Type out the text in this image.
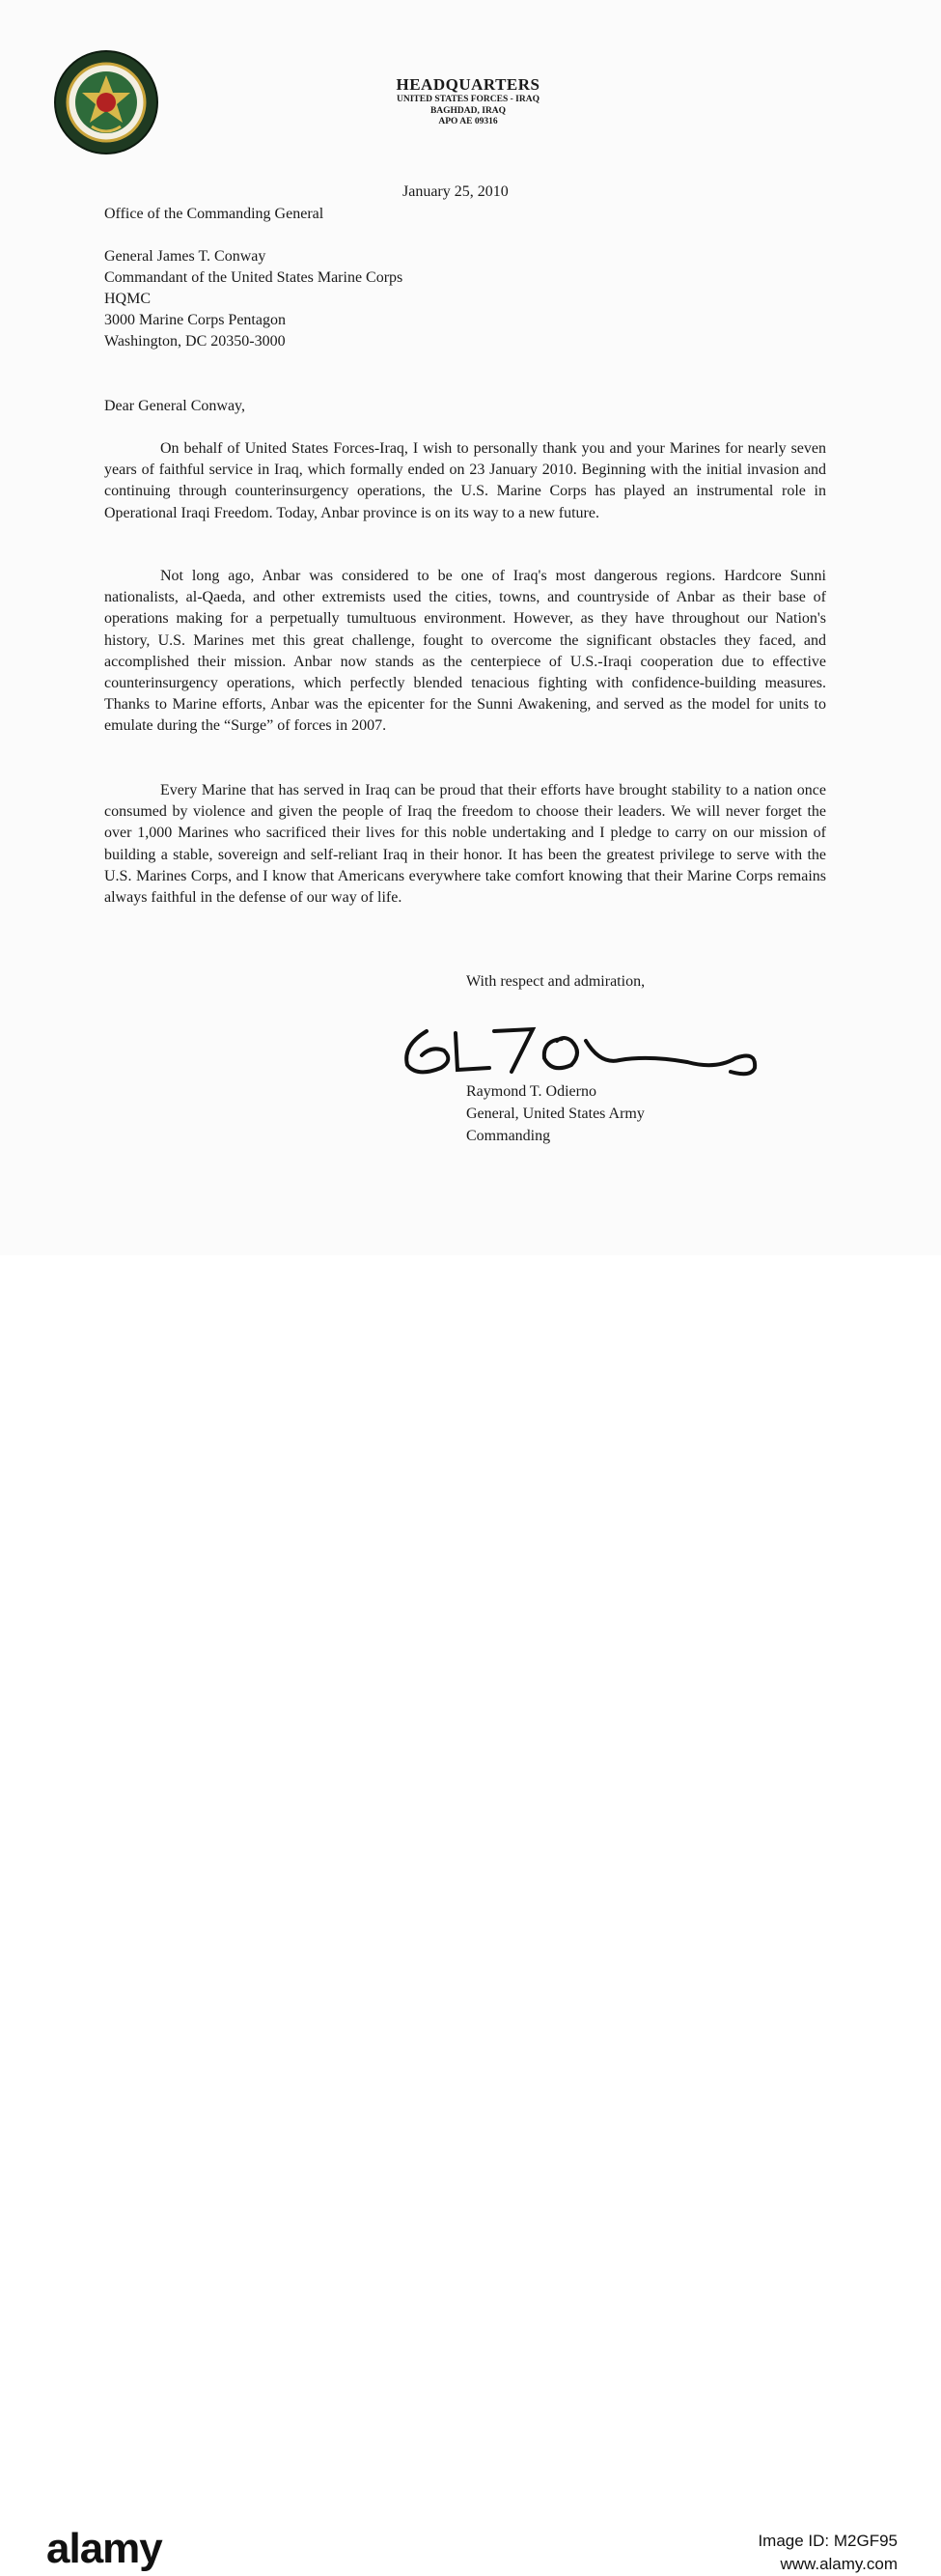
HEADQUARTERS
UNITED STATES FORCES - IRAQ
BAGHDAD, IRAQ
APO AE 09316
January 25, 2010
Office of the Commanding General
General James T. Conway
Commandant of the United States Marine Corps
HQMC
3000 Marine Corps Pentagon
Washington, DC 20350-3000
Dear General Conway,
On behalf of United States Forces-Iraq, I wish to personally thank you and your Marines for nearly seven years of faithful service in Iraq, which formally ended on 23 January 2010. Beginning with the initial invasion and continuing through counterinsurgency operations, the U.S. Marine Corps has played an instrumental role in Operational Iraqi Freedom. Today, Anbar province is on its way to a new future.
Not long ago, Anbar was considered to be one of Iraq's most dangerous regions. Hardcore Sunni nationalists, al-Qaeda, and other extremists used the cities, towns, and countryside of Anbar as their base of operations making for a perpetually tumultuous environment. However, as they have throughout our Nation's history, U.S. Marines met this great challenge, fought to overcome the significant obstacles they faced, and accomplished their mission. Anbar now stands as the centerpiece of U.S.-Iraqi cooperation due to effective counterinsurgency operations, which perfectly blended tenacious fighting with confidence-building measures. Thanks to Marine efforts, Anbar was the epicenter for the Sunni Awakening, and served as the model for units to emulate during the “Surge” of forces in 2007.
Every Marine that has served in Iraq can be proud that their efforts have brought stability to a nation once consumed by violence and given the people of Iraq the freedom to choose their leaders. We will never forget the over 1,000 Marines who sacrificed their lives for this noble undertaking and I pledge to carry on our mission of building a stable, sovereign and self-reliant Iraq in their honor. It has been the greatest privilege to serve with the U.S. Marines Corps, and I know that Americans everywhere take comfort knowing that their Marine Corps remains always faithful in the defense of our way of life.
With respect and admiration,
Raymond T. Odierno
General, United States Army
Commanding
alamy	Image ID: M2GF95
www.alamy.com
